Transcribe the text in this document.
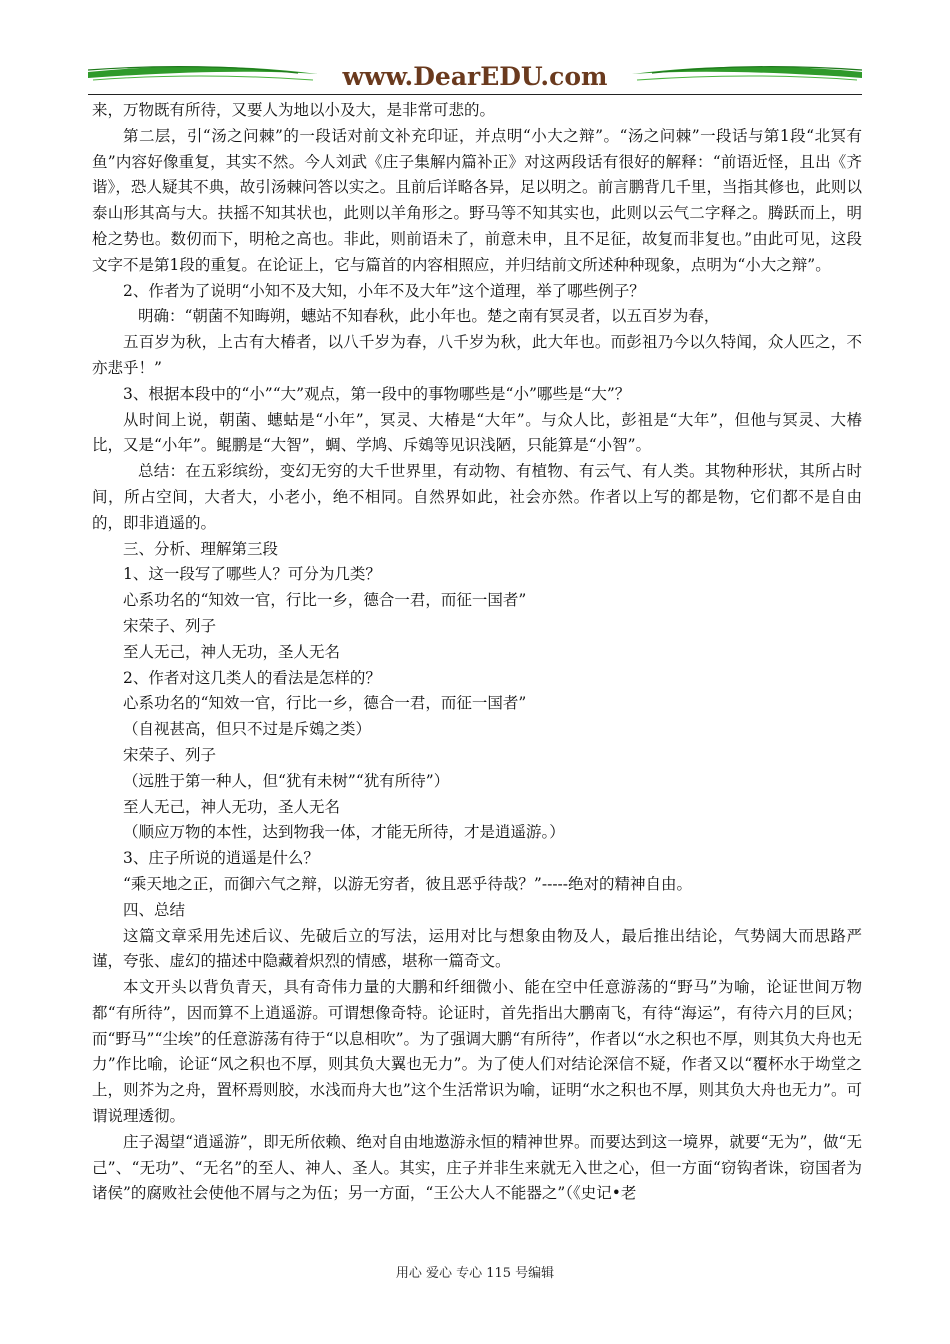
www.DearEDU.com

来，万物既有所待，又要人为地以小及大，是非常可悲的。

第二层，引“汤之问棘”的一段话对前文补充印证，并点明“小大之辩”。“汤之问棘”一段话与第1段“北冥有鱼”内容好像重复，其实不然。今人刘武《庄子集解内篇补正》对这两段话有很好的解释：“前语近怪，且出《齐谐》，恐人疑其不典，故引汤棘问答以实之。且前后详略各异，足以明之。前言鹏背几千里，当指其修也，此则以泰山形其高与大。扶摇不知其状也，此则以羊角形之。野马等不知其实也，此则以云气二字释之。腾跃而上，明枪之势也。数仞而下，明枪之高也。非此，则前语未了，前意未申，且不足征，故复而非复也。”由此可见，这段文字不是第1段的重复。在论证上，它与篇首的内容相照应，并归结前文所述种种现象，点明为“小大之辩”。

2、作者为了说明“小知不及大知，小年不及大年”这个道理，举了哪些例子？

明确：“朝菌不知晦朔，蟪站不知春秋，此小年也。楚之南有冥灵者，以五百岁为春，

五百岁为秋，上古有大椿者，以八千岁为春，八千岁为秋，此大年也。而彭祖乃今以久特闻，众人匹之，不亦悲乎！”

3、根据本段中的“小”“大”观点，第一段中的事物哪些是“小”哪些是“大”？

从时间上说，朝菌、蟪蛄是“小年”，冥灵、大椿是“大年”。与众人比，彭祖是“大年”，但他与冥灵、大椿比，又是“小年”。鲲鹏是“大智”，蜩、学鸠、斥鴳等见识浅陋，只能算是“小智”。

总结：在五彩缤纷，变幻无穷的大千世界里，有动物、有植物、有云气、有人类。其物种形状，其所占时间，所占空间，大者大，小老小，绝不相同。自然界如此，社会亦然。作者以上写的都是物，它们都不是自由的，即非逍遥的。

三、分析、理解第三段

1、这一段写了哪些人？可分为几类？

心系功名的“知效一官，行比一乡，德合一君，而征一国者”

宋荣子、列子

至人无己，神人无功，圣人无名

2、作者对这几类人的看法是怎样的？

心系功名的“知效一官，行比一乡，德合一君，而征一国者”

（自视甚高，但只不过是斥鴳之类）

宋荣子、列子

（远胜于第一种人，但“犹有未树”“犹有所待”）

至人无己，神人无功，圣人无名

（顺应万物的本性，达到物我一体，才能无所待，才是逍遥游。）

3、庄子所说的逍遥是什么？

“乘天地之正，而御六气之辩，以游无穷者，彼且恶乎待哉？”-----绝对的精神自由。

四、总结

这篇文章采用先述后议、先破后立的写法，运用对比与想象由物及人，最后推出结论，气势阔大而思路严谨，夸张、虚幻的描述中隐藏着炽烈的情感，堪称一篇奇文。

本文开头以背负青天，具有奇伟力量的大鹏和纤细微小、能在空中任意游荡的“野马”为喻，论证世间万物都“有所待”，因而算不上逍遥游。可谓想像奇特。论证时，首先指出大鹏南飞，有待“海运”，有待六月的巨风；而“野马”“尘埃”的任意游荡有待于“以息相吹”。为了强调大鹏“有所待”，作者以“水之积也不厚，则其负大舟也无力”作比喻，论证“风之积也不厚，则其负大翼也无力”。为了使人们对结论深信不疑，作者又以“覆杯水于坳堂之上，则芥为之舟，置杯焉则胶，水浅而舟大也”这个生活常识为喻，证明“水之积也不厚，则其负大舟也无力”。可谓说理透彻。

庄子渴望“逍遥游”，即无所依赖、绝对自由地遨游永恒的精神世界。而要达到这一境界，就要“无为”，做“无己”、“无功”、“无名”的至人、神人、圣人。其实，庄子并非生来就无入世之心，但一方面“窃钩者诛，窃国者为诸侯”的腐败社会使他不屑与之为伍；另一方面，“王公大人不能器之”（《史记•老

用心 爱心 专心 115 号编辑
